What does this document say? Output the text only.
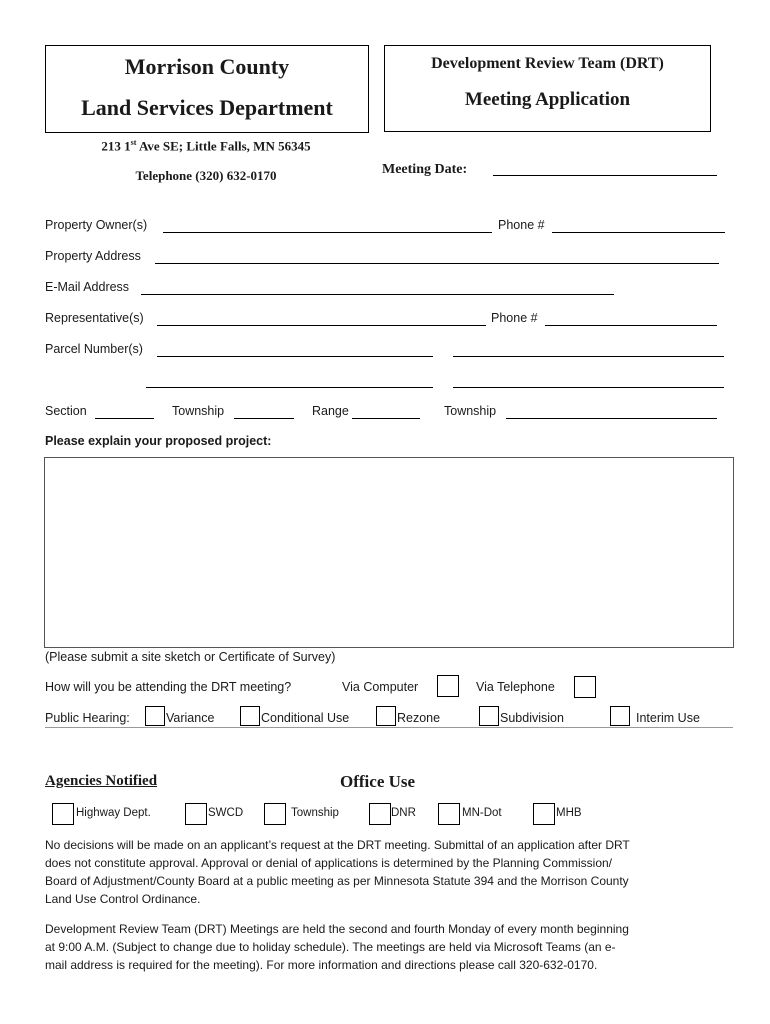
Morrison County
Land Services Department
213 1st Ave SE; Little Falls, MN 56345
Telephone (320) 632-0170
Development Review Team (DRT)
Meeting Application
Meeting Date:
Property Owner(s)	Phone #
Property Address
E-Mail Address
Representative(s)	Phone #
Parcel Number(s)
Section	Township	Range	Township
Please explain your proposed project:
(Please submit a site sketch or Certificate of Survey)
How will you be attending the DRT meeting?	Via Computer	Via Telephone
Public Hearing:	Variance	Conditional Use	Rezone	Subdivision	Interim Use
Agencies Notified	Office Use
Highway Dept.	SWCD	Township	DNR	MN-Dot	MHB
No decisions will be made on an applicant’s request at the DRT meeting. Submittal of an application after DRT
does not constitute approval. Approval or denial of applications is determined by the Planning Commission/
Board of Adjustment/County Board at a public meeting as per Minnesota Statute 394 and the Morrison County
Land Use Control Ordinance.
Development Review Team (DRT) Meetings are held the second and fourth Monday of every month beginning
at 9:00 A.M. (Subject to change due to holiday schedule). The meetings are held via Microsoft Teams (an e-
mail address is required for the meeting). For more information and directions please call 320-632-0170.
